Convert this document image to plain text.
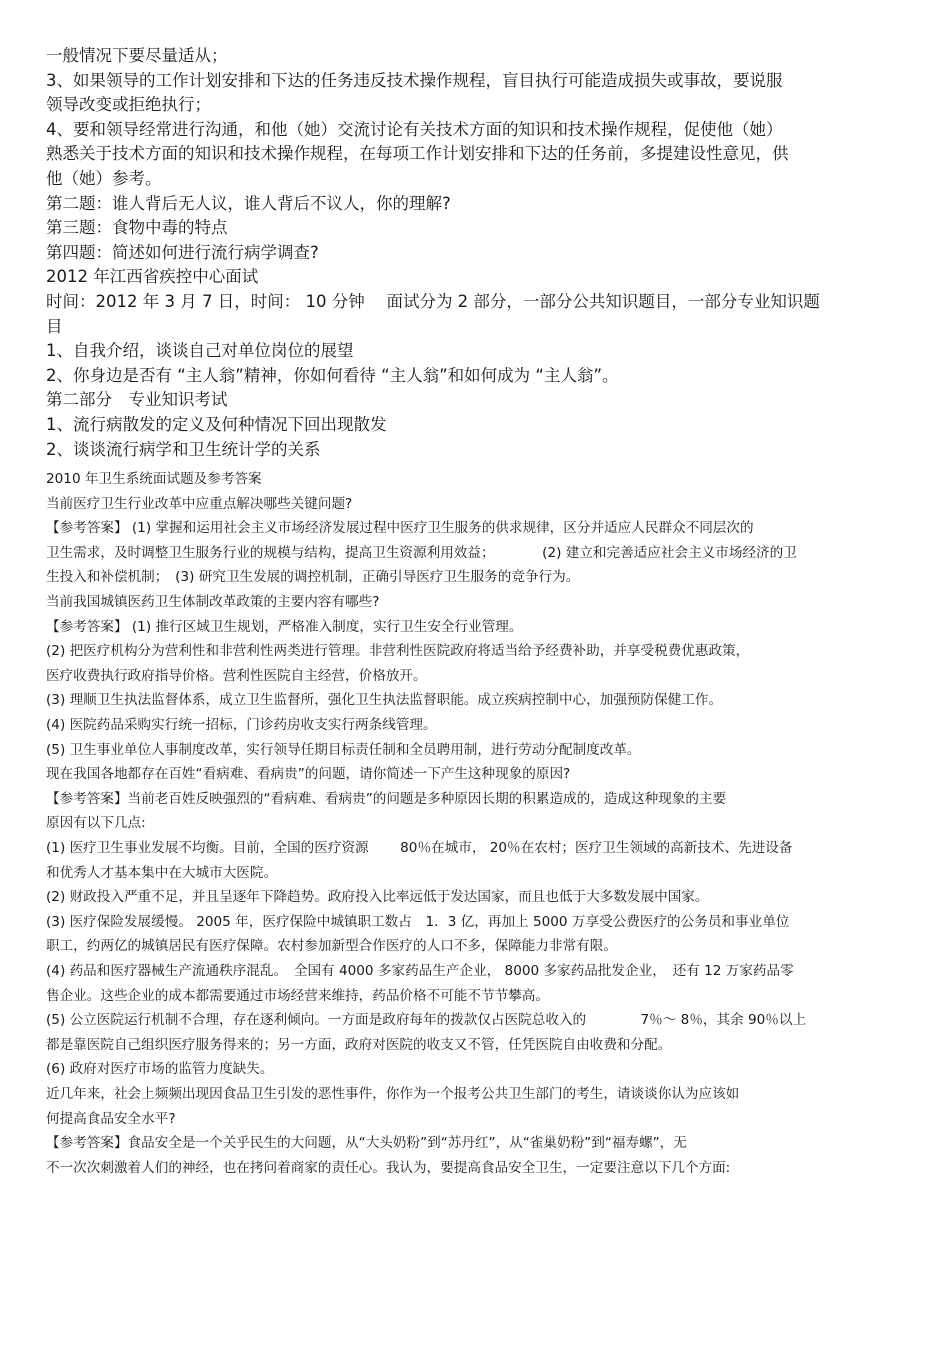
一般情况下要尽量适从；

3、如果领导的工作计划安排和下达的任务违反技术操作规程，盲目执行可能造成损失或事故，要说服

领导改变或拒绝执行；

4、要和领导经常进行沟通，和他（她）交流讨论有关技术方面的知识和技术操作规程，促使他（她）

熟悉关于技术方面的知识和技术操作规程，在每项工作计划安排和下达的任务前，多提建设性意见，供

他（她）参考。

第二题：谁人背后无人议，谁人背后不议人，你的理解?

第三题：食物中毒的特点

第四题：简述如何进行流行病学调查?

2012 年江西省疾控中心面试

时间：2012 年 3 月 7 日，时间： 10 分钟　 面试分为 2 部分，一部分公共知识题目，一部分专业知识题

目

1、自我介绍，谈谈自己对单位岗位的展望

2、你身边是否有 “主人翁”精神，你如何看待 “主人翁”和如何成为 “主人翁”。

第二部分　专业知识考试

1、流行病散发的定义及何种情况下回出现散发

2、谈谈流行病学和卫生统计学的关系

2010 年卫生系统面试题及参考答案

当前医疗卫生行业改革中应重点解决哪些关键问题?

【参考答案】 (1) 掌握和运用社会主义市场经济发展过程中医疗卫生服务的供求规律，区分并适应人民群众不同层次的

卫生需求，及时调整卫生服务行业的规模与结构，提高卫生资源利用效益；　　　　(2) 建立和完善适应社会主义市场经济的卫

生投入和补偿机制；　(3) 研究卫生发展的调控机制，正确引导医疗卫生服务的竞争行为。

当前我国城镇医药卫生体制改革政策的主要内容有哪些?

【参考答案】 (1) 推行区域卫生规划，严格准入制度，实行卫生安全行业管理。

(2) 把医疗机构分为营利性和非营利性两类进行管理。非营利性医院政府将适当给予经费补助，并享受税费优惠政策，

医疗收费执行政府指导价格。营利性医院自主经营，价格放开。

(3) 理顺卫生执法监督体系，成立卫生监督所，强化卫生执法监督职能。成立疾病控制中心，加强预防保健工作。

(4) 医院药品采购实行统一招标，门诊药房收支实行两条线管理。

(5) 卫生事业单位人事制度改革，实行领导任期目标责任制和全员聘用制，进行劳动分配制度改革。

现在我国各地都存在百姓“看病难、看病贵”的问题，请你简述一下产生这种现象的原因?

【参考答案】当前老百姓反映强烈的“看病难、看病贵”的问题是多种原因长期的积累造成的，造成这种现象的主要

原因有以下几点:

(1) 医疗卫生事业发展不均衡。目前，全国的医疗资源　　 80％在城市， 20％在农村；医疗卫生领域的高新技术、先进设备

和优秀人才基本集中在大城市大医院。

(2) 财政投入严重不足，并且呈逐年下降趋势。政府投入比率远低于发达国家，而且也低于大多数发展中国家。

(3) 医疗保险发展缓慢。 2005 年，医疗保险中城镇职工数占　1．3 亿，再加上 5000 万享受公费医疗的公务员和事业单位

职工，约两亿的城镇居民有医疗保障。农村参加新型合作医疗的人口不多，保障能力非常有限。

(4) 药品和医疗器械生产流通秩序混乱。　全国有 4000 多家药品生产企业， 8000 多家药品批发企业，　还有 12 万家药品零

售企业。这些企业的成本都需要通过市场经营来维持，药品价格不可能不节节攀高。

(5) 公立医院运行机制不合理，存在逐利倾向。一方面是政府每年的拨款仅占医院总收入的　　　　7％～ 8％，其余 90％以上

都是靠医院自己组织医疗服务得来的；另一方面，政府对医院的收支又不管，任凭医院自由收费和分配。

(6) 政府对医疗市场的监管力度缺失。

近几年来，社会上频频出现因食品卫生引发的恶性事件，你作为一个报考公共卫生部门的考生，请谈谈你认为应该如

何提高食品安全水平?

【参考答案】食品安全是一个关乎民生的大问题，从“大头奶粉”到“苏丹红”，从“雀巢奶粉”到“福寿螺”，无

不一次次刺激着人们的神经，也在拷问着商家的责任心。我认为，要提高食品安全卫生，一定要注意以下几个方面:
